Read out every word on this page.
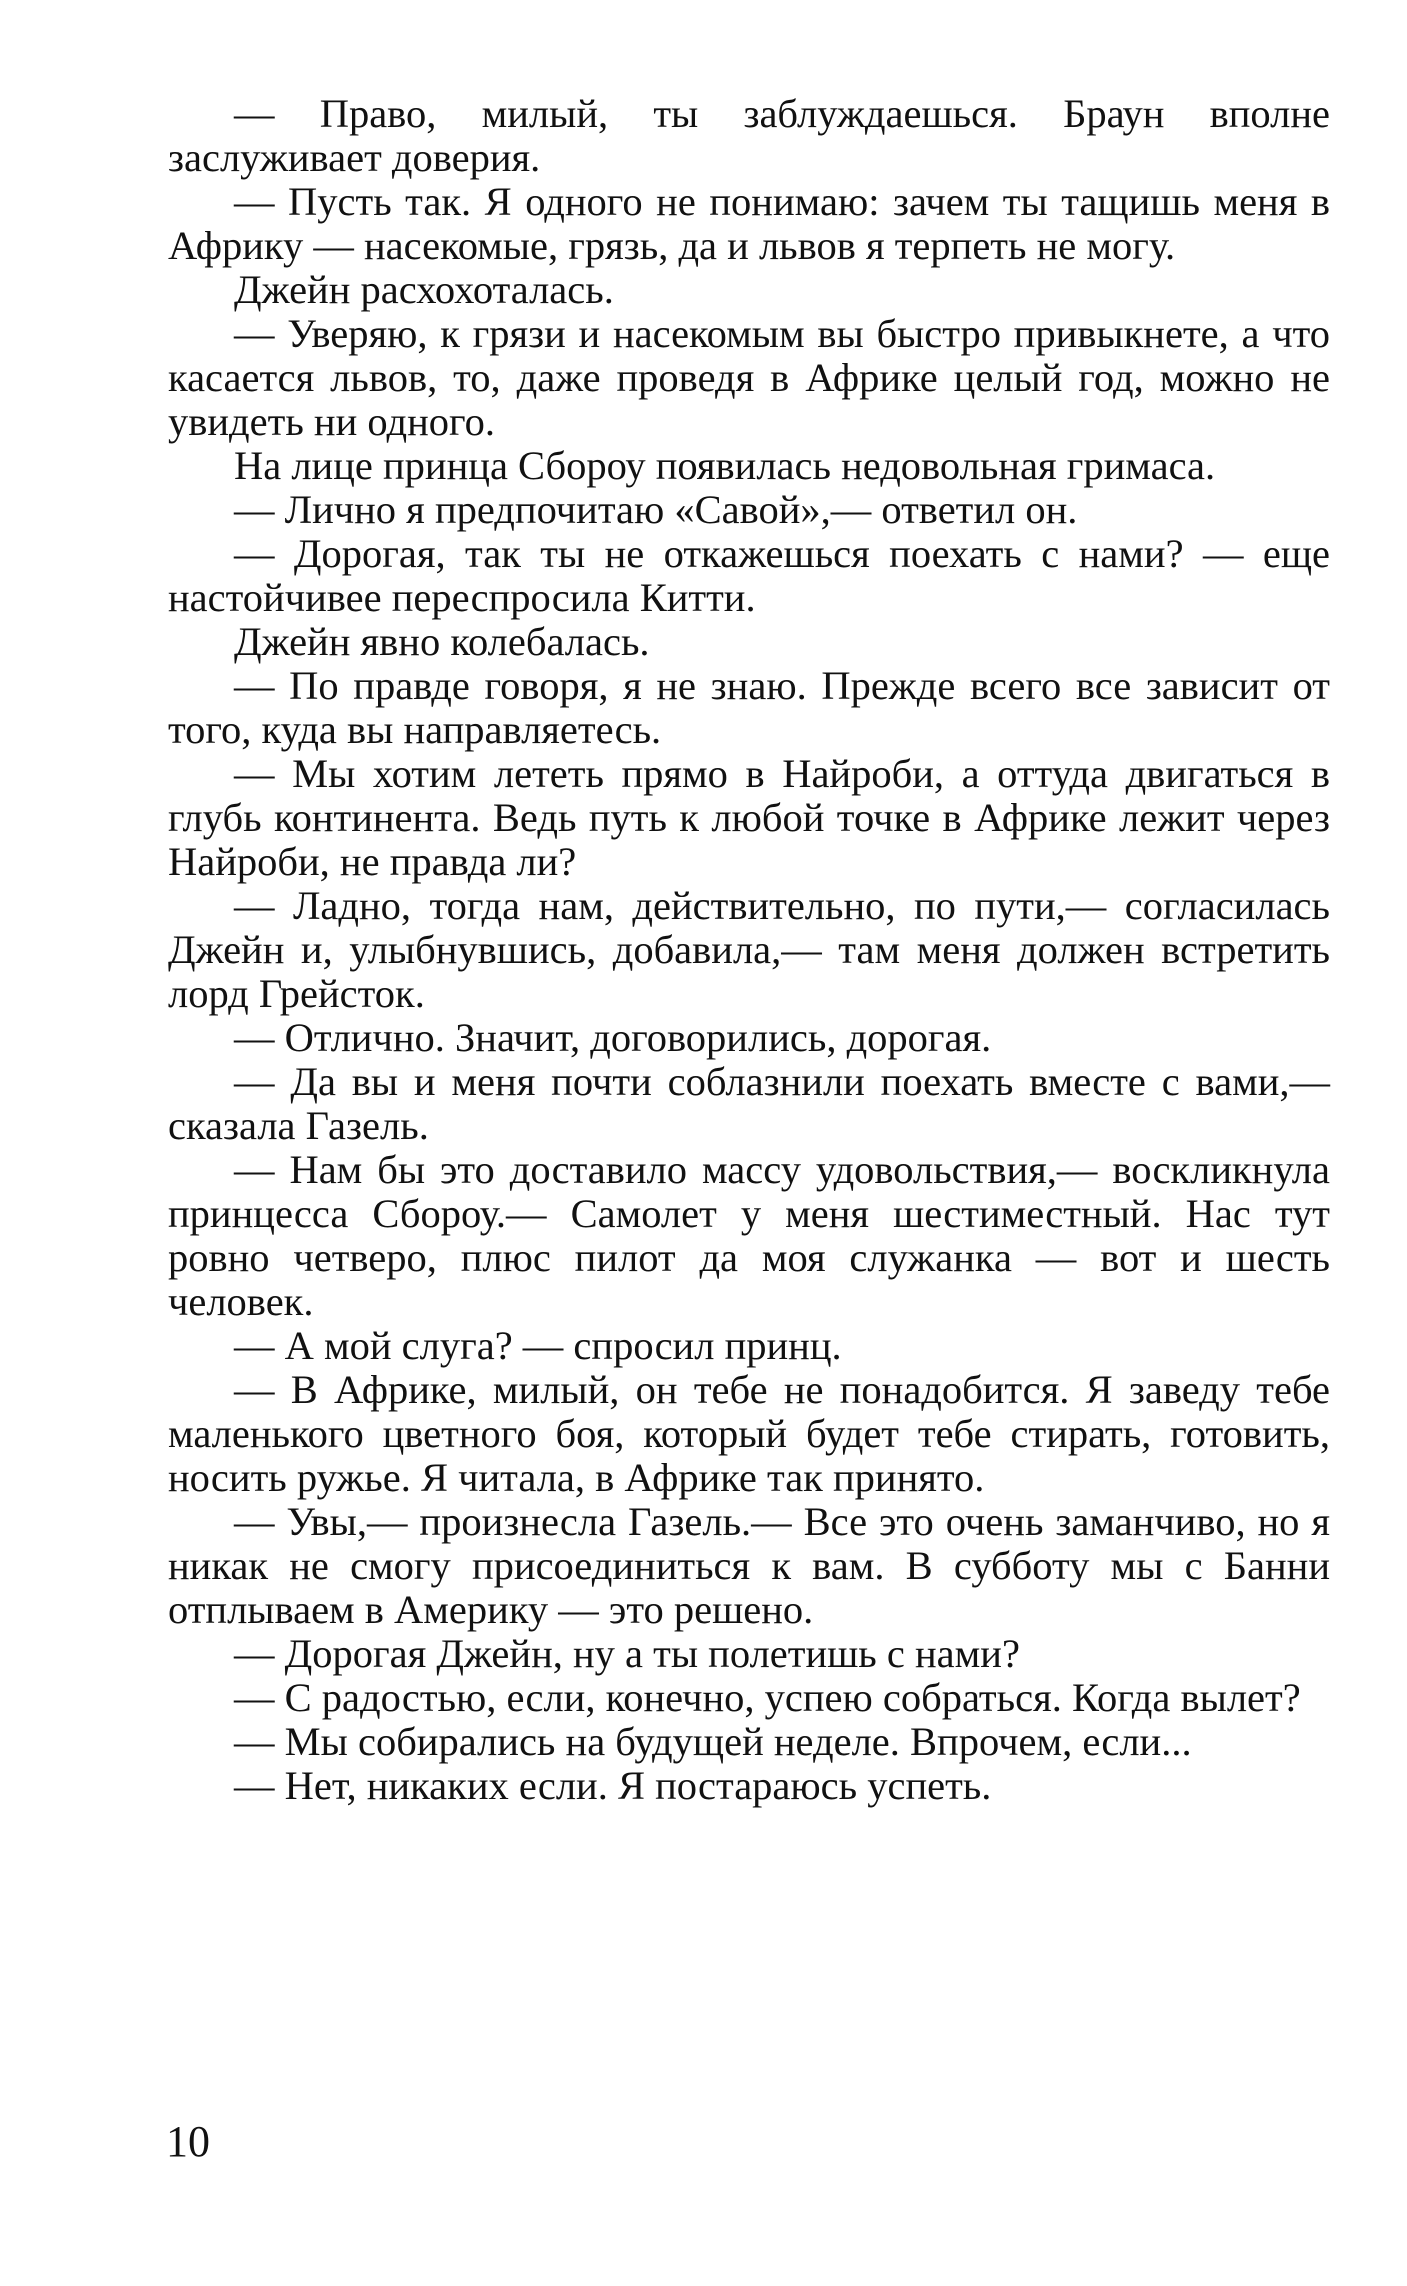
— Право, милый, ты заблуждаешься. Браун вполне заслуживает доверия.

— Пусть так. Я одного не понимаю: зачем ты тащишь меня в Африку — насекомые, грязь, да и львов я терпеть не могу.

Джейн расхохоталась.

— Уверяю, к грязи и насекомым вы быстро привыкнете, а что касается львов, то, даже проведя в Африке целый год, можно не увидеть ни одного.

На лице принца Сбороу появилась недовольная гримаса.

— Лично я предпочитаю «Савой»,— ответил он.

— Дорогая, так ты не откажешься поехать с нами? — еще настойчивее переспросила Китти.

Джейн явно колебалась.

— По правде говоря, я не знаю. Прежде всего все зависит от того, куда вы направляетесь.

— Мы хотим лететь прямо в Найроби, а оттуда двигаться в глубь континента. Ведь путь к любой точке в Африке лежит через Найроби, не правда ли?

— Ладно, тогда нам, действительно, по пути,— согласилась Джейн и, улыбнувшись, добавила,— там меня должен встретить лорд Грейсток.

— Отлично. Значит, договорились, дорогая.

— Да вы и меня почти соблазнили поехать вместе с вами,— сказала Газель.

— Нам бы это доставило массу удовольствия,— воскликнула принцесса Сбороу.— Самолет у меня шестиместный. Нас тут ровно четверо, плюс пилот да моя служанка — вот и шесть человек.

— А мой слуга? — спросил принц.

— В Африке, милый, он тебе не понадобится. Я заведу тебе маленького цветного боя, который будет тебе стирать, готовить, носить ружье. Я читала, в Африке так принято.

— Увы,— произнесла Газель.— Все это очень заманчиво, но я никак не смогу присоединиться к вам. В субботу мы с Банни отплываем в Америку — это решено.

— Дорогая Джейн, ну а ты полетишь с нами?

— С радостью, если, конечно, успею собраться. Когда вылет?

— Мы собирались на будущей неделе. Впрочем, если...

— Нет, никаких если. Я постараюсь успеть.

10
